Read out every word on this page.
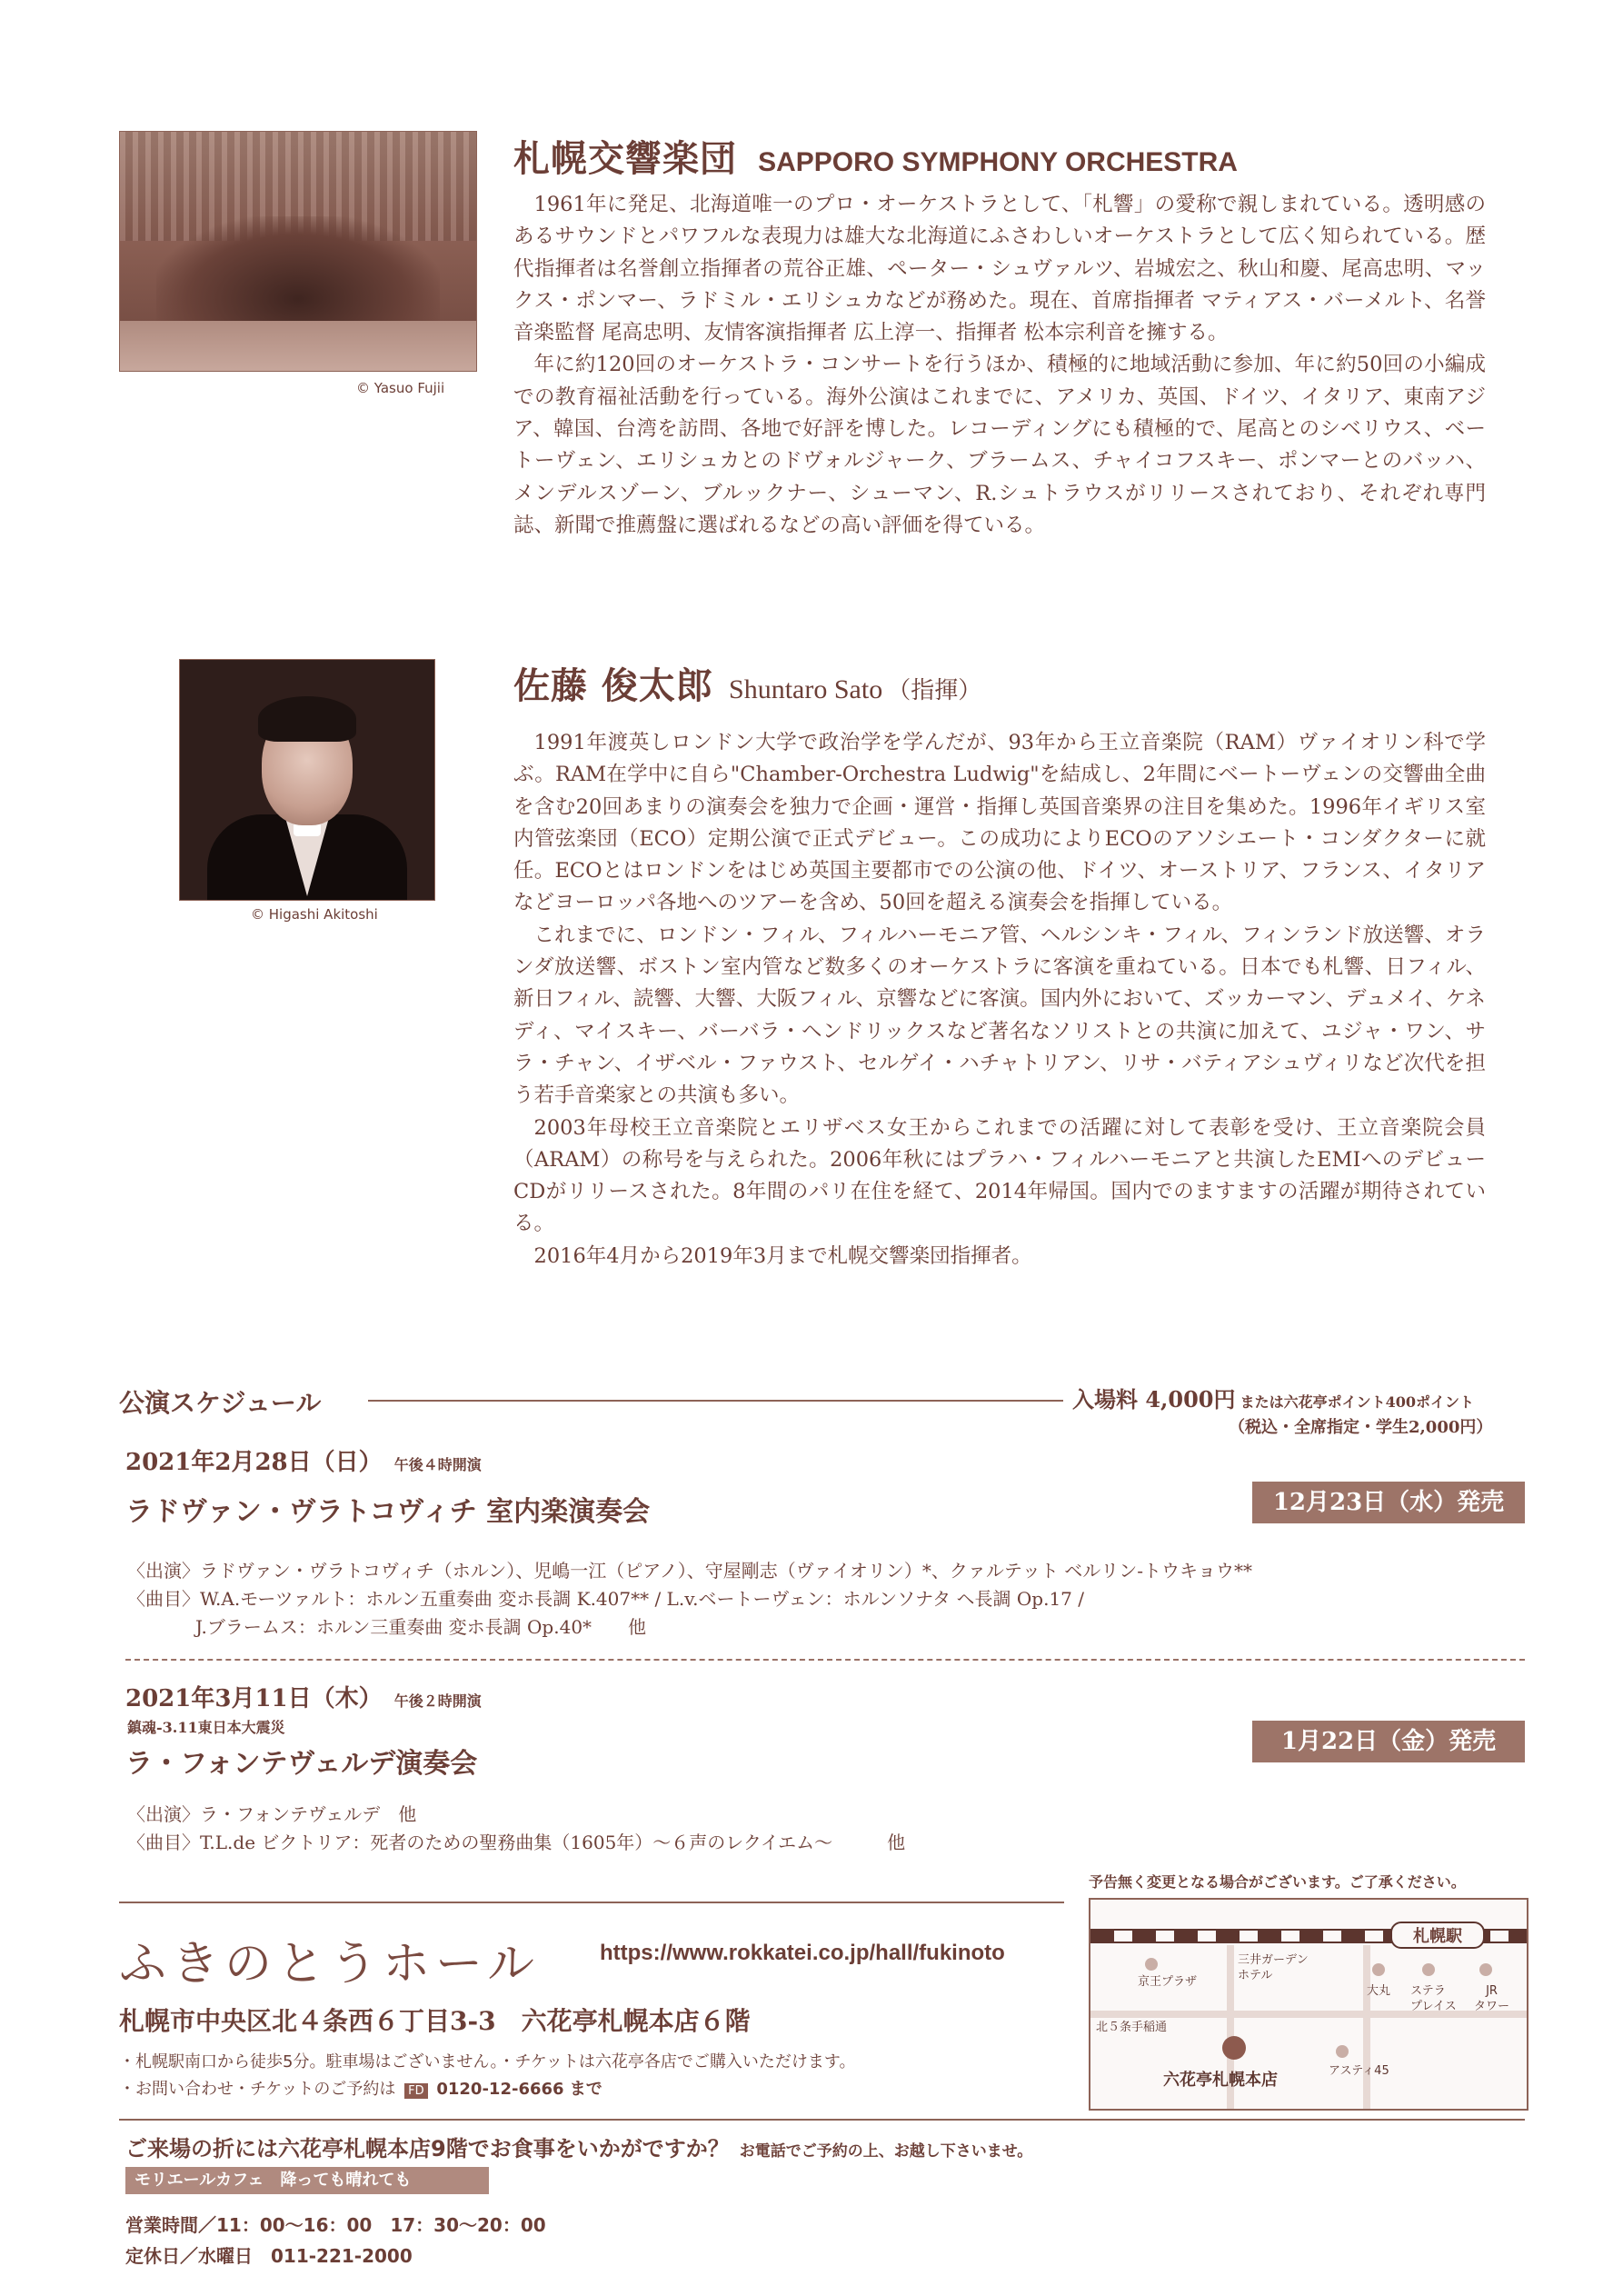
© Yasuo Fujii
札幌交響楽団 SAPPORO SYMPHONY ORCHESTRA

1961年に発足、北海道唯一のプロ・オーケストラとして、「札響」の愛称で親しまれている。透明感のあるサウンドとパワフルな表現力は雄大な北海道にふさわしいオーケストラとして広く知られている。歴代指揮者は名誉創立指揮者の荒谷正雄、ペーター・シュヴァルツ、岩城宏之、秋山和慶、尾高忠明、マックス・ポンマー、ラドミル・エリシュカなどが務めた。現在、首席指揮者 マティアス・バーメルト、名誉音楽監督 尾高忠明、友情客演指揮者 広上淳一、指揮者 松本宗利音を擁する。

年に約120回のオーケストラ・コンサートを行うほか、積極的に地域活動に参加、年に約50回の小編成での教育福祉活動を行っている。海外公演はこれまでに、アメリカ、英国、ドイツ、イタリア、東南アジア、韓国、台湾を訪問、各地で好評を博した。レコーディングにも積極的で、尾高とのシベリウス、ベートーヴェン、エリシュカとのドヴォルジャーク、ブラームス、チャイコフスキー、ポンマーとのバッハ、メンデルスゾーン、ブルックナー、シューマン、R.シュトラウスがリリースされており、それぞれ専門誌、新聞で推薦盤に選ばれるなどの高い評価を得ている。

© Higashi Akitoshi
佐藤 俊太郎 Shuntaro Sato （指揮）

1991年渡英しロンドン大学で政治学を学んだが、93年から王立音楽院（RAM）ヴァイオリン科で学ぶ。RAM在学中に自ら"Chamber-Orchestra Ludwig"を結成し、2年間にベートーヴェンの交響曲全曲を含む20回あまりの演奏会を独力で企画・運営・指揮し英国音楽界の注目を集めた。1996年イギリス室内管弦楽団（ECO）定期公演で正式デビュー。この成功によりECOのアソシエート・コンダクターに就任。ECOとはロンドンをはじめ英国主要都市での公演の他、ドイツ、オーストリア、フランス、イタリアなどヨーロッパ各地へのツアーを含め、50回を超える演奏会を指揮している。

これまでに、ロンドン・フィル、フィルハーモニア管、ヘルシンキ・フィル、フィンランド放送響、オランダ放送響、ボストン室内管など数多くのオーケストラに客演を重ねている。日本でも札響、日フィル、新日フィル、読響、大響、大阪フィル、京響などに客演。国内外において、ズッカーマン、デュメイ、ケネディ、マイスキー、バーバラ・ヘンドリックスなど著名なソリストとの共演に加えて、ユジャ・ワン、サラ・チャン、イザベル・ファウスト、セルゲイ・ハチャトリアン、リサ・バティアシュヴィリなど次代を担う若手音楽家との共演も多い。

2003年母校王立音楽院とエリザベス女王からこれまでの活躍に対して表彰を受け、王立音楽院会員（ARAM）の称号を与えられた。2006年秋にはプラハ・フィルハーモニアと共演したEMIへのデビューCDがリリースされた。8年間のパリ在住を経て、2014年帰国。国内でのますますの活躍が期待されている。

2016年4月から2019年3月まで札幌交響楽団指揮者。

公演スケジュール	入場料 4,000円 または六花亭ポイント400ポイント
（税込・全席指定・学生2,000円）
2021年2月28日（日） 午後４時開演
ラドヴァン・ヴラトコヴィチ 室内楽演奏会	12月23日（水）発売
〈出演〉ラドヴァン・ヴラトコヴィチ（ホルン）、児嶋一江（ピアノ）、守屋剛志（ヴァイオリン）*、クァルテット ベルリン-トウキョウ**
〈曲目〉W.A.モーツァルト：ホルン五重奏曲 変ホ長調 K.407** / L.v.ベートーヴェン：ホルンソナタ ヘ長調 Op.17 /
J.ブラームス：ホルン三重奏曲 変ホ長調 Op.40*　　他
2021年3月11日（木） 午後２時開演
鎮魂-3.11東日本大震災
ラ・フォンテヴェルデ演奏会
1月22日（金）発売
〈出演〉ラ・フォンテヴェルデ　他
〈曲目〉T.L.de ビクトリア：死者のための聖務曲集（1605年）～６声のレクイエム～　　　他
ふきのとうホール	https://www.rokkatei.co.jp/hall/fukinoto
札幌市中央区北４条西６丁目3-3　六花亭札幌本店６階
・札幌駅南口から徒歩5分。駐車場はございません。・チケットは六花亭各店でご購入いただけます。
・お問い合わせ・チケットのご予約は FD 0120-12-6666 まで
予告無く変更となる場合がございます。ご了承ください。
札幌駅
京王プラザ
三井ガーデン
ホテル
大丸 ステラ
プレイス
JR
タワー
北５条手稲通
六花亭札幌本店	アスティ45
ご来場の折には六花亭札幌本店9階でお食事をいかがですか？ お電話でご予約の上、お越し下さいませ。
モリエールカフェ　降っても晴れても
営業時間／11：00～16：00　17：30～20：00
定休日／水曜日　011-221-2000
